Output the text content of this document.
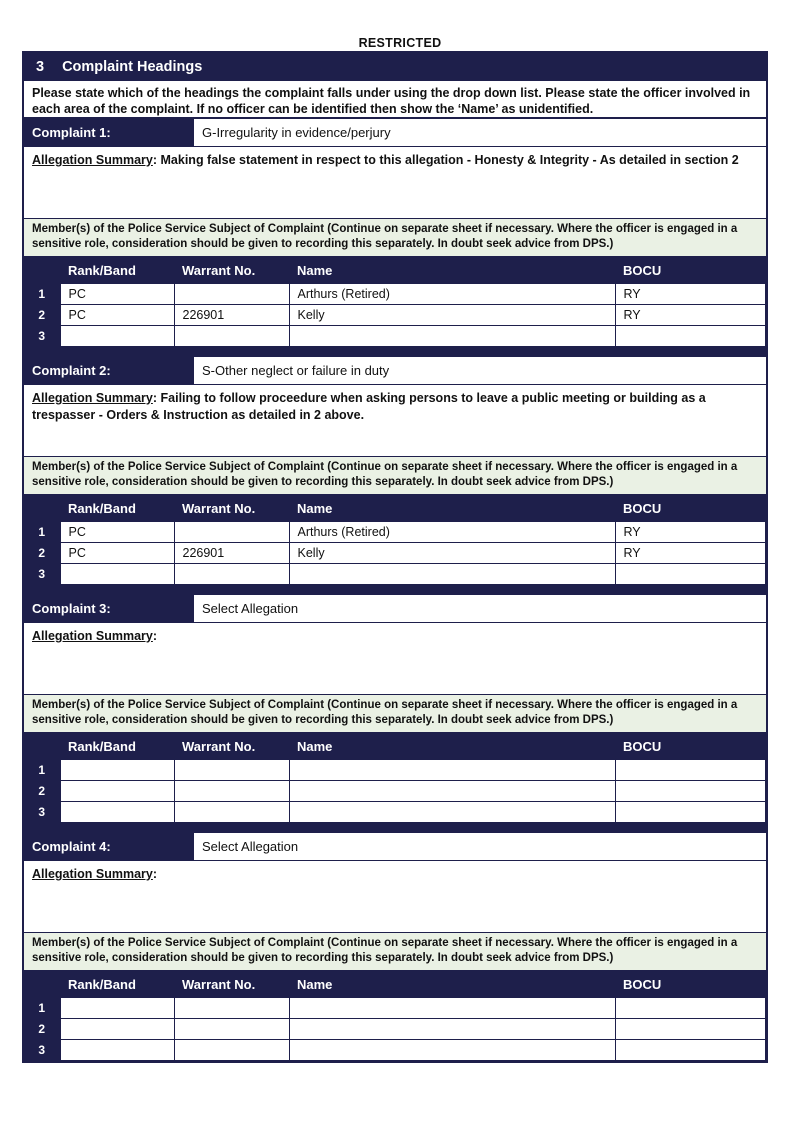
RESTRICTED
3 Complaint Headings
Please state which of the headings the complaint falls under using the drop down list. Please state the officer involved in each area of the complaint. If no officer can be identified then show the ‘Name’ as unidentified.
Complaint 1:	G-Irregularity in evidence/perjury
Allegation Summary: Making false statement in respect to this allegation - Honesty & Integrity - As detailed in section 2
Member(s) of the Police Service Subject of Complaint (Continue on separate sheet if necessary. Where the officer is engaged in a sensitive role, consideration should be given to recording this separately. In doubt seek advice from DPS.)
	Rank/Band	Warrant No.	Name	BOCU
1	PC		Arthurs (Retired)	RY
2	PC	226901	Kelly	RY
3				
Complaint 2:	S-Other neglect or failure in duty
Allegation Summary: Failing to follow proceedure when asking persons to leave a public meeting or building as a trespasser - Orders & Instruction as detailed in 2 above.
Member(s) of the Police Service Subject of Complaint (Continue on separate sheet if necessary. Where the officer is engaged in a sensitive role, consideration should be given to recording this separately. In doubt seek advice from DPS.)
	Rank/Band	Warrant No.	Name	BOCU
1	PC		Arthurs (Retired)	RY
2	PC	226901	Kelly	RY
3				
Complaint 3:	Select Allegation
Allegation Summary:
Member(s) of the Police Service Subject of Complaint (Continue on separate sheet if necessary. Where the officer is engaged in a sensitive role, consideration should be given to recording this separately. In doubt seek advice from DPS.)
	Rank/Band	Warrant No.	Name	BOCU
1				
2				
3				
Complaint 4:	Select Allegation
Allegation Summary:
Member(s) of the Police Service Subject of Complaint (Continue on separate sheet if necessary. Where the officer is engaged in a sensitive role, consideration should be given to recording this separately. In doubt seek advice from DPS.)
	Rank/Band	Warrant No.	Name	BOCU
1				
2				
3				
